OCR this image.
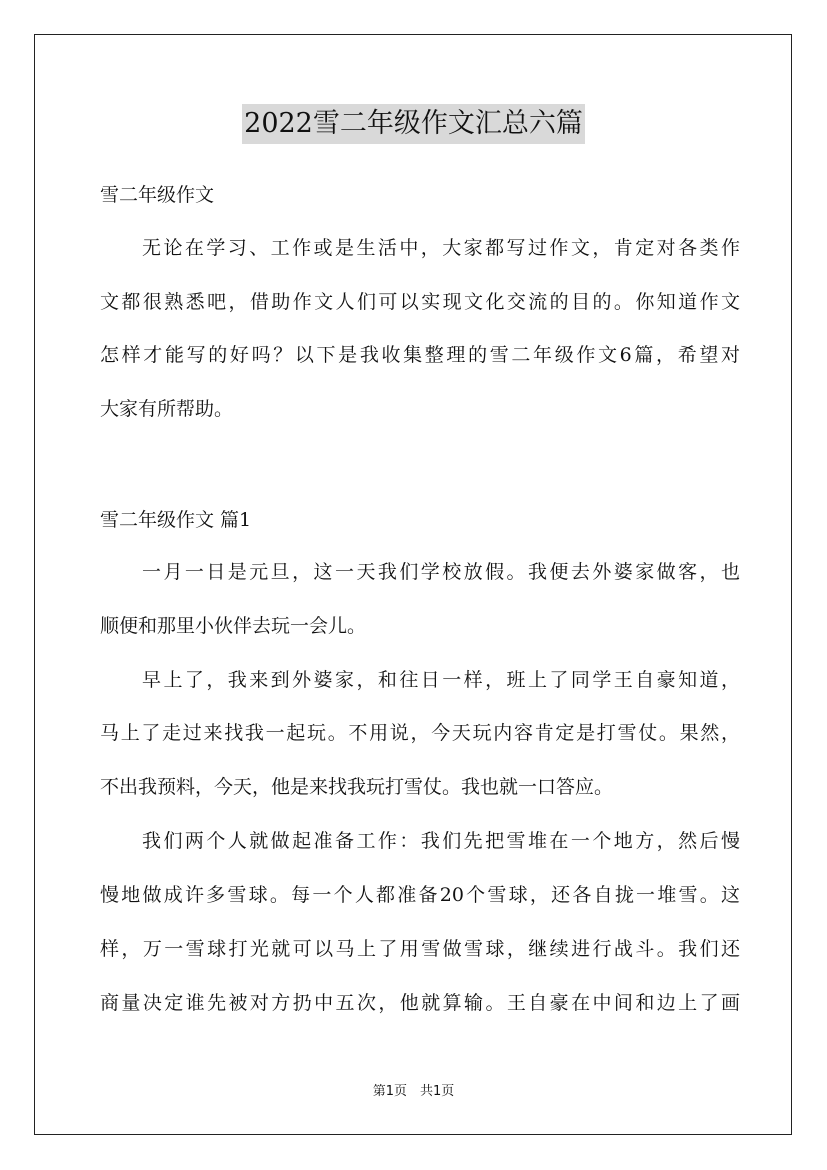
2022雪二年级作文汇总六篇

雪二年级作文

无论在学习、工作或是生活中，大家都写过作文，肯定对各类作

文都很熟悉吧，借助作文人们可以实现文化交流的目的。你知道作文

怎样才能写的好吗？以下是我收集整理的雪二年级作文6篇，希望对

大家有所帮助。

雪二年级作文 篇1

一月一日是元旦，这一天我们学校放假。我便去外婆家做客，也

顺便和那里小伙伴去玩一会儿。

早上了，我来到外婆家，和往日一样，班上了同学王自豪知道，

马上了走过来找我一起玩。不用说，今天玩内容肯定是打雪仗。果然，

不出我预料，今天，他是来找我玩打雪仗。我也就一口答应。

我们两个人就做起准备工作：我们先把雪堆在一个地方，然后慢

慢地做成许多雪球。每一个人都准备20个雪球，还各自拢一堆雪。这

样，万一雪球打光就可以马上了用雪做雪球，继续进行战斗。我们还

商量决定谁先被对方扔中五次，他就算输。王自豪在中间和边上了画

第1页　共1页
